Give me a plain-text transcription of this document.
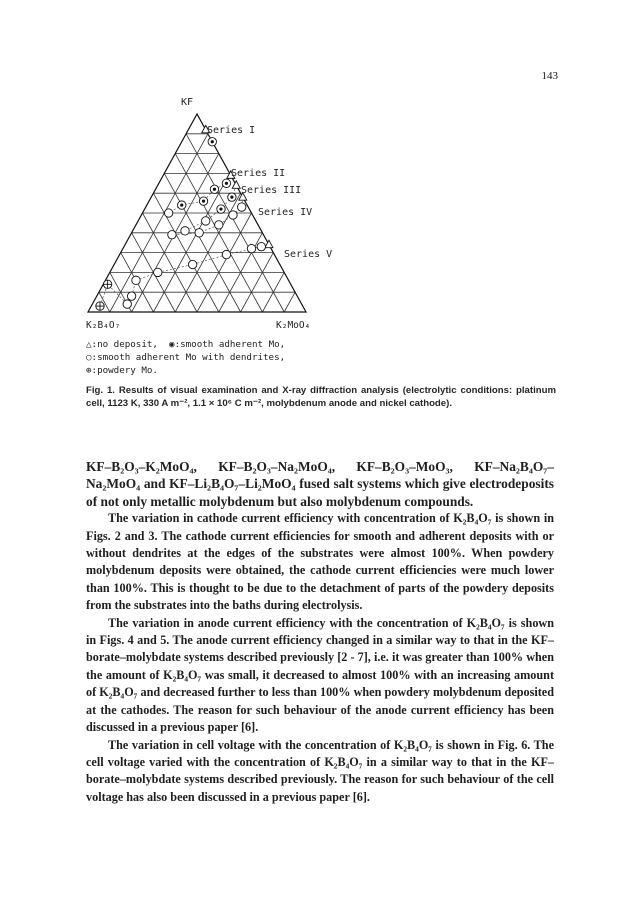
143
KF
K₂B₄O₇	K₂MoO₄
Series I
Series II
Series III
Series IV
Series V
△:no deposit,  ◉:smooth adherent Mo,
○:smooth adherent Mo with dendrites,
⊕:powdery Mo.
Fig. 1. Results of visual examination and X-ray diffraction analysis (electrolytic conditions: platinum cell, 1123 K, 330 A m⁻², 1.1 × 10⁶ C m⁻², molybdenum anode and nickel cathode).

KF–B₂O₃–K₂MoO₄, KF–B₂O₃–Na₂MoO₄, KF–B₂O₃–MoO₃, KF–Na₂B₄O₇–Na₂MoO₄ and KF–Li₂B₄O₇–Li₂MoO₄ fused salt systems which give electrodeposits of not only metallic molybdenum but also molybdenum compounds.

The variation in cathode current efficiency with concentration of K₂B₄O₇ is shown in Figs. 2 and 3. The cathode current efficiencies for smooth and adherent deposits with or without dendrites at the edges of the substrates were almost 100%. When powdery molybdenum deposits were obtained, the cathode current efficiencies were much lower than 100%. This is thought to be due to the detachment of parts of the powdery deposits from the substrates into the baths during electrolysis.

The variation in anode current efficiency with the concentration of K₂B₄O₇ is shown in Figs. 4 and 5. The anode current efficiency changed in a similar way to that in the KF–borate–molybdate systems described previously [2 - 7], i.e. it was greater than 100% when the amount of K₂B₄O₇ was small, it decreased to almost 100% with an increasing amount of K₂B₄O₇ and decreased further to less than 100% when powdery molybdenum deposited at the cathodes. The reason for such behaviour of the anode current efficiency has been discussed in a previous paper [6].

The variation in cell voltage with the concentration of K₂B₄O₇ is shown in Fig. 6. The cell voltage varied with the concentration of K₂B₄O₇ in a similar way to that in the KF–borate–molybdate systems described previously. The reason for such behaviour of the cell voltage has also been discussed in a previous paper [6].
